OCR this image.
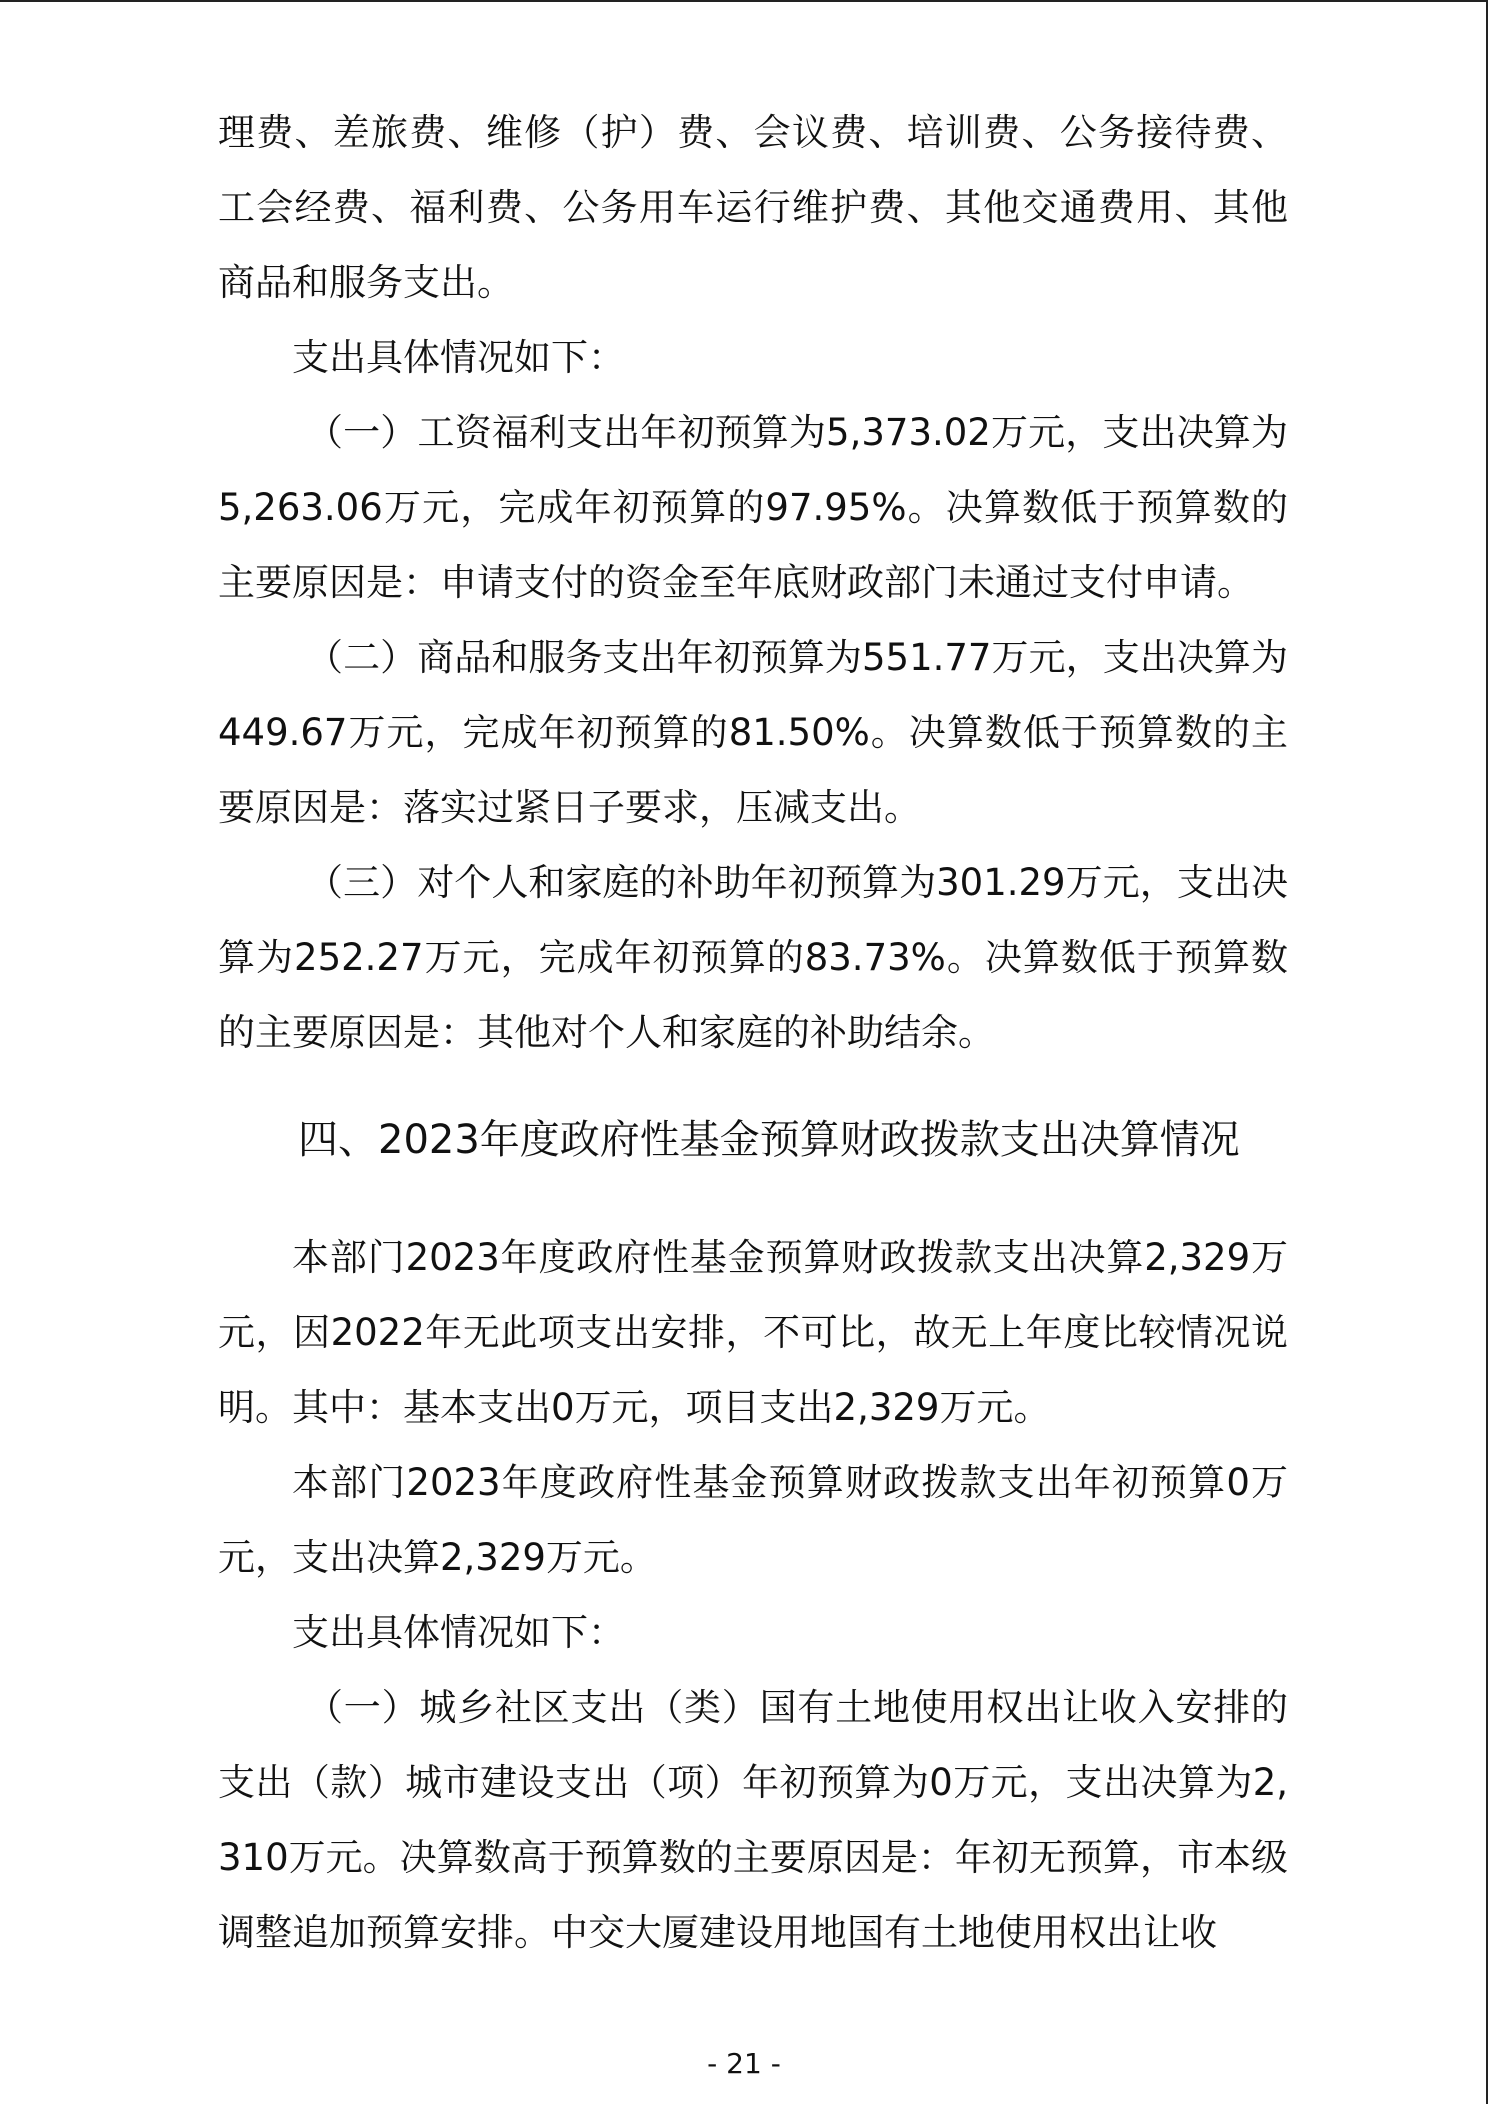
理费、差旅费、维修（护）费、会议费、培训费、公务接待费、工会经费、福利费、公务用车运行维护费、其他交通费用、其他商品和服务支出。

支出具体情况如下：

（一）工资福利支出年初预算为5,373.02万元，支出决算为5,263.06万元，完成年初预算的97.95%。决算数低于预算数的主要原因是：申请支付的资金至年底财政部门未通过支付申请。

（二）商品和服务支出年初预算为551.77万元，支出决算为449.67万元，完成年初预算的81.50%。决算数低于预算数的主要原因是：落实过紧日子要求，压减支出。

（三）对个人和家庭的补助年初预算为301.29万元，支出决算为252.27万元，完成年初预算的83.73%。决算数低于预算数的主要原因是：其他对个人和家庭的补助结余。

四、2023年度政府性基金预算财政拨款支出决算情况

本部门2023年度政府性基金预算财政拨款支出决算2,329万元，因2022年无此项支出安排，不可比，故无上年度比较情况说明。其中：基本支出0万元，项目支出2,329万元。

本部门2023年度政府性基金预算财政拨款支出年初预算0万元，支出决算2,329万元。

支出具体情况如下：

（一）城乡社区支出（类）国有土地使用权出让收入安排的支出（款）城市建设支出（项）年初预算为0万元，支出决算为2,310万元。决算数高于预算数的主要原因是：年初无预算，市本级调整追加预算安排。中交大厦建设用地国有土地使用权出让收

- 21 -
